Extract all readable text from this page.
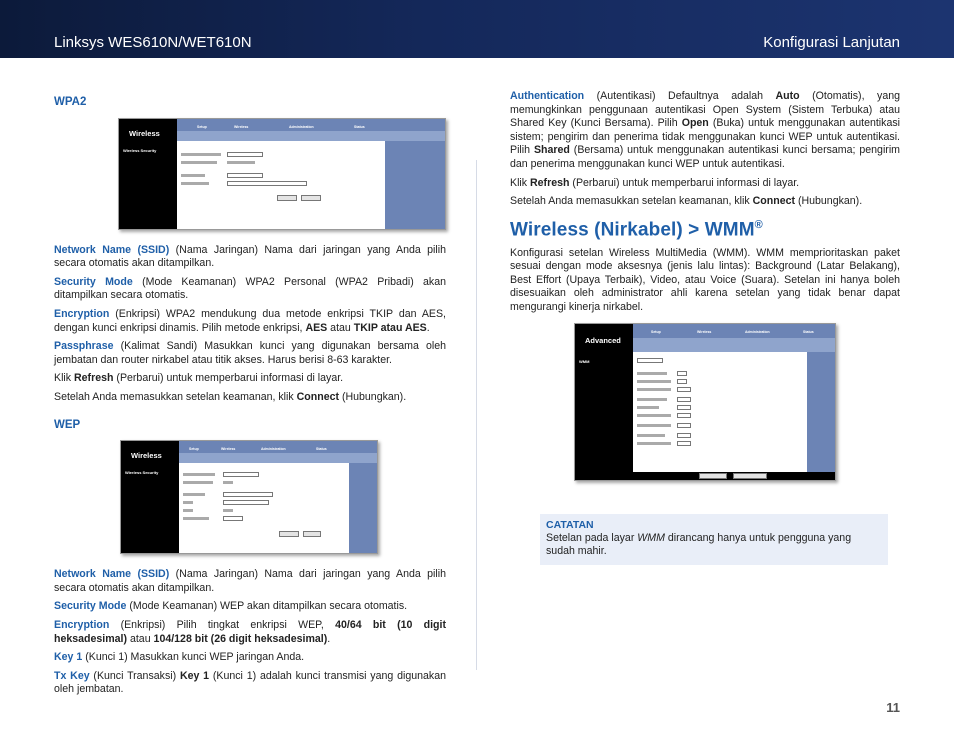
Linksys WES610N/WET610N	Konfigurasi Lanjutan
WPA2
Wireless
Setup	Wireless	Administration	Status
Wireless Security

Network Name (SSID) (Nama Jaringan) Nama dari jaringan yang Anda pilih secara otomatis akan ditampilkan.

Security Mode (Mode Keamanan) WPA2 Personal (WPA2 Pribadi) akan ditampilkan secara otomatis.

Encryption (Enkripsi) WPA2 mendukung dua metode enkripsi TKIP dan AES, dengan kunci enkripsi dinamis. Pilih metode enkripsi, AES atau TKIP atau AES.

Passphrase (Kalimat Sandi) Masukkan kunci yang digunakan bersama oleh jembatan dan router nirkabel atau titik akses. Harus berisi 8-63 karakter.

Klik Refresh (Perbarui) untuk memperbarui informasi di layar.

Setelah Anda memasukkan setelan keamanan, klik Connect (Hubungkan).

WEP
Wireless
Setup	Wireless	Administration	Status
Wireless Security

Network Name (SSID) (Nama Jaringan) Nama dari jaringan yang Anda pilih secara otomatis akan ditampilkan.

Security Mode (Mode Keamanan) WEP akan ditampilkan secara otomatis.

Encryption (Enkripsi) Pilih tingkat enkripsi WEP, 40/64 bit (10 digit heksadesimal) atau 104/128 bit (26 digit heksadesimal).

Key 1 (Kunci 1) Masukkan kunci WEP jaringan Anda.

Tx Key (Kunci Transaksi) Key 1 (Kunci 1) adalah kunci transmisi yang digunakan oleh jembatan.

Authentication (Autentikasi) Defaultnya adalah Auto (Otomatis), yang memungkinkan penggunaan autentikasi Open System (Sistem Terbuka) atau Shared Key (Kunci Bersama). Pilih Open (Buka) untuk menggunakan autentikasi sistem; pengirim dan penerima tidak menggunakan kunci WEP untuk autentikasi. Pilih Shared (Bersama) untuk menggunakan autentikasi kunci bersama; pengirim dan penerima menggunakan kunci WEP untuk autentikasi.

Klik Refresh (Perbarui) untuk memperbarui informasi di layar.

Setelah Anda memasukkan setelan keamanan, klik Connect (Hubungkan).

Wireless (Nirkabel) > WMM®

Konfigurasi setelan Wireless MultiMedia (WMM). WMM memprioritaskan paket sesuai dengan mode aksesnya (jenis lalu lintas): Background (Latar Belakang), Best Effort (Upaya Terbaik), Video, atau Voice (Suara). Setelan ini hanya boleh disesuaikan oleh administrator ahli karena setelan yang tidak benar dapat mengurangi kinerja nirkabel.

Advanced
Setup	Wireless	Administration	Status
WMM
CATATAN
Setelan pada layar WMM dirancang hanya untuk pengguna yang sudah mahir.
11
